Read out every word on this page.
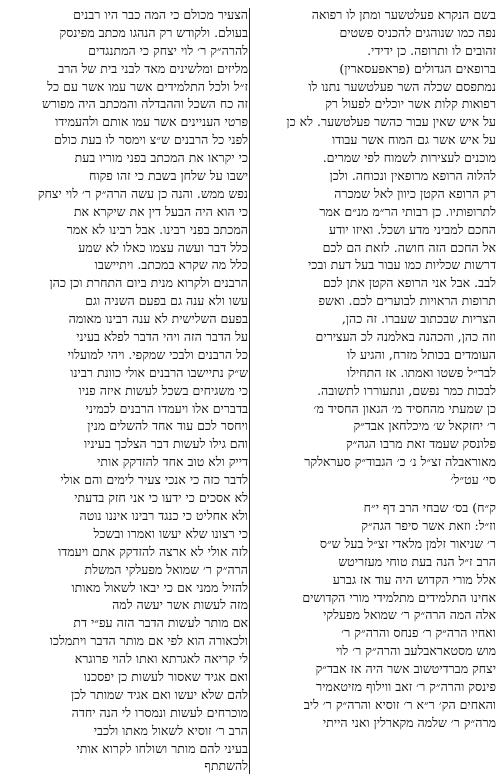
בשם הנקרא פעלטשער ומתן לו רפואה
נפה כמו שנוהגים להכניס פשטים
זהובים לו ותרופה. כן ידידי.
ברופאים הגדולים (פראפעסארין)
נמתפסם שכלה השר פעלטשער נתנו לו
רפואות קלות אשר יוכלים לפעול רק
על איש שאין עבור כהשר פעלטשער. לא כן
על איש אשר גם המוח אשר עבודו
מוכנים לעצירות לשמוח לפי שמרים.
להלוה הרופא מרופאין ונכוחה. ולכן
רק הרופא הקטן כיוון לאל שמכרה
לתרופותיו. כן רבותי הר״מ מנ״ם אמר
החכם למביני מדע ושכל. ואיזו יודע
אל החכם הזה חושה. לזאת הם לכם
דרשות שכליות כמו עבור בעל דעת ובכי
לבב. אבל אני הרופא הקטן אתן לכם
תרופות הראויות לבוערים לכם. ואשפ
הצריות שבכתוב שעברו. זה כהן,
וזה כהן, והכהנה באלמנה לכ העצירים
העומדים בכותל מזרח, והגיע לו
לבר״ל פשטו ואמתו. אז התחילו
לבכות כמר נפשם, ונתעוררו לתשובה.
כן שמעתי מהחסיד מ׳ הגאון החסיד מ׳
ר׳ יחזקאל ש׳ מיכלחאן אבד״ק
פלונסק שעמד זאת מרבו הגה״ק
מאוראבלה זצ״ל נ׳ כ׳ הגבוד״ק סעראלקר
סי׳ עט״ל׳
ק״ח) בס׳ שבחי הרב דף י״ח
וז״ל: וזאת אשר סיפר הגה״ק
ר׳ שניאור זלמן מלאדי זצ״ל בעל ש״ס
הרב ז״ל הנה בעת טוחי מעזריטש
אלל מורי הקדוש היה עוד אז גברע
אחינו התלמידים מתלמידי מורי הקדושים
אלה המה הרה״ק ר׳ שמואל מפעלקי
ואחיו הרה״ק ר׳ פנחס והרה״ק ר׳
מוש מסטאראבלעב והרה״ק ר׳ לוי
יצחק מברדיטשוב אשר היה אז אבד״ק
פינסק והרה״ק ר׳ זאב ווילוף מזיטאמיר
והאחים הק׳ ר״א ר׳ זוסיא והרה״ק ר׳ ליב
מרה״ק ר׳ שלמה מקארלין ואני הייתי
הצעיר מכולם כי המה כבר היו רבנים
בעולם. ולקודש רק הנהגו מכתב מפינסק
להרה״ק ר׳ לוי יצחק כי המתנגדים
מליזים ומלשינים מאד לבני בית של הרב
ז״ל ולכל התלמידים אשר עמו אשר עם כל
זה כח השכל וההבדלה והמכתב היה מפורש
פרטי העניינים אשר עמו אותם ולהעמידו
לפני כל הרבנים ש״צ וימסר לו בעת כולם
כי יקראו את המכתב בפני מוריו בעת
ישבו על שלחן בשבת כי זהו פקוח
נפש ממש. והנה כן עשה הרה״ק ר׳ לוי יצחק
כי הוא היה הבעל דין את שיקרא את
המכתב בפני רבינו. אבל רבינו לא אמר
כלל דבר ועשה עצמו כאלו לא שמע
כלל מה שקרא במכתב. ויתיישבו
הרבנים ולקרוא מנית ביום התחרת וכן כהן
עשו ולא ענה גם בפעם השניה וגם
בפעם השלישית לא ענה רבינו מאומה
על הדבר הזה ויהי הדבר לפלא בעיני
כל הרבנים ולבכי שמקפי. ויהי למועלוי
ש״ק נתיישבו הרבנים אולי כוונת רבינו
כי משגיחים בשכל לעשות איזה פניו
בדברים אלו ויעמדו הרבנים לכמיני
ויחסר לכם עוד אחד להשלים מנין
והם גילו לעשות דבר הצלכך בעיניו
דייק ולא טוב אחד להזדקק אותי
לדבר כזה כי אנכי צעיר לימים והם אולי
לא אסכים כי ידעו כי אני חזק בדעתי
ולא אחליט כי כנגד רבינו איננו נוטה
כי רצונו שלא יעשו ואמרו ובשכל
לזה אולי לא ארצה להזדקק אתם ויעמדו
הרה״ק ר׳ שמואל מפעלקי המשלת
להזיל ממני אם כי יבאו לשאול מאותו
מזה לעשות אשר יעשה למה
אם מותר לעשות הדבר הזה עפ״י דת
ולכאורה הוא לפי אם מותר הדבר ויתמלכו
לי קריאה לאגרתא ואתו להוי פרוגרא
ואם אגיד שאסור לעשות כן יפסכנו
להם שלא יעשו ואם אגיד שמותר לכן
מוכרחים לעשות ונמסרו לי הנה יחדה
הרב ר׳ זוסיא לשאול מאתו ולכבי
בעיני להם מותר ושולחו לקרוא אותי
להשתתף
